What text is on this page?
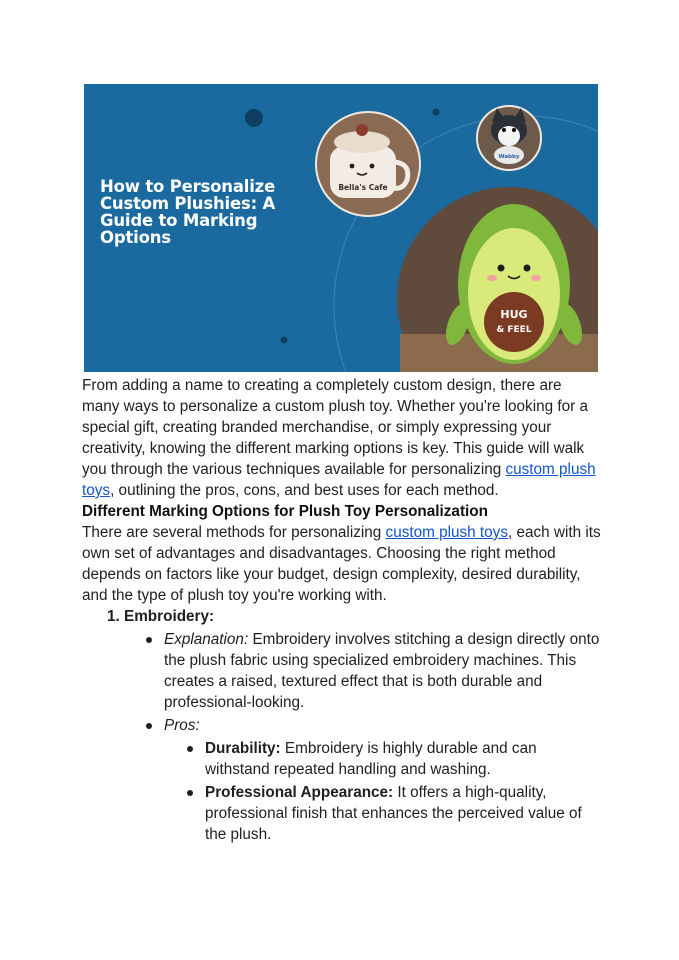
Bella's Cafe
Wabby
HUG
& FEEL
How to Personalize Custom Plushies: A Guide to Marking Options

From adding a name to creating a completely custom design, there are many ways to personalize a custom plush toy. Whether you're looking for a special gift, creating branded merchandise, or simply expressing your creativity, knowing the different marking options is key. This guide will walk you through the various techniques available for personalizing custom plush toys, outlining the pros, cons, and best uses for each method.

Different Marking Options for Plush Toy Personalization

There are several methods for personalizing custom plush toys, each with its own set of advantages and disadvantages. Choosing the right method depends on factors like your budget, design complexity, desired durability, and the type of plush toy you're working with.

1. Embroidery:
Explanation: Embroidery involves stitching a design directly onto the plush fabric using specialized embroidery machines. This creates a raised, textured effect that is both durable and professional-looking.
Pros:
Durability: Embroidery is highly durable and can withstand repeated handling and washing.
Professional Appearance: It offers a high-quality, professional finish that enhances the perceived value of the plush.
